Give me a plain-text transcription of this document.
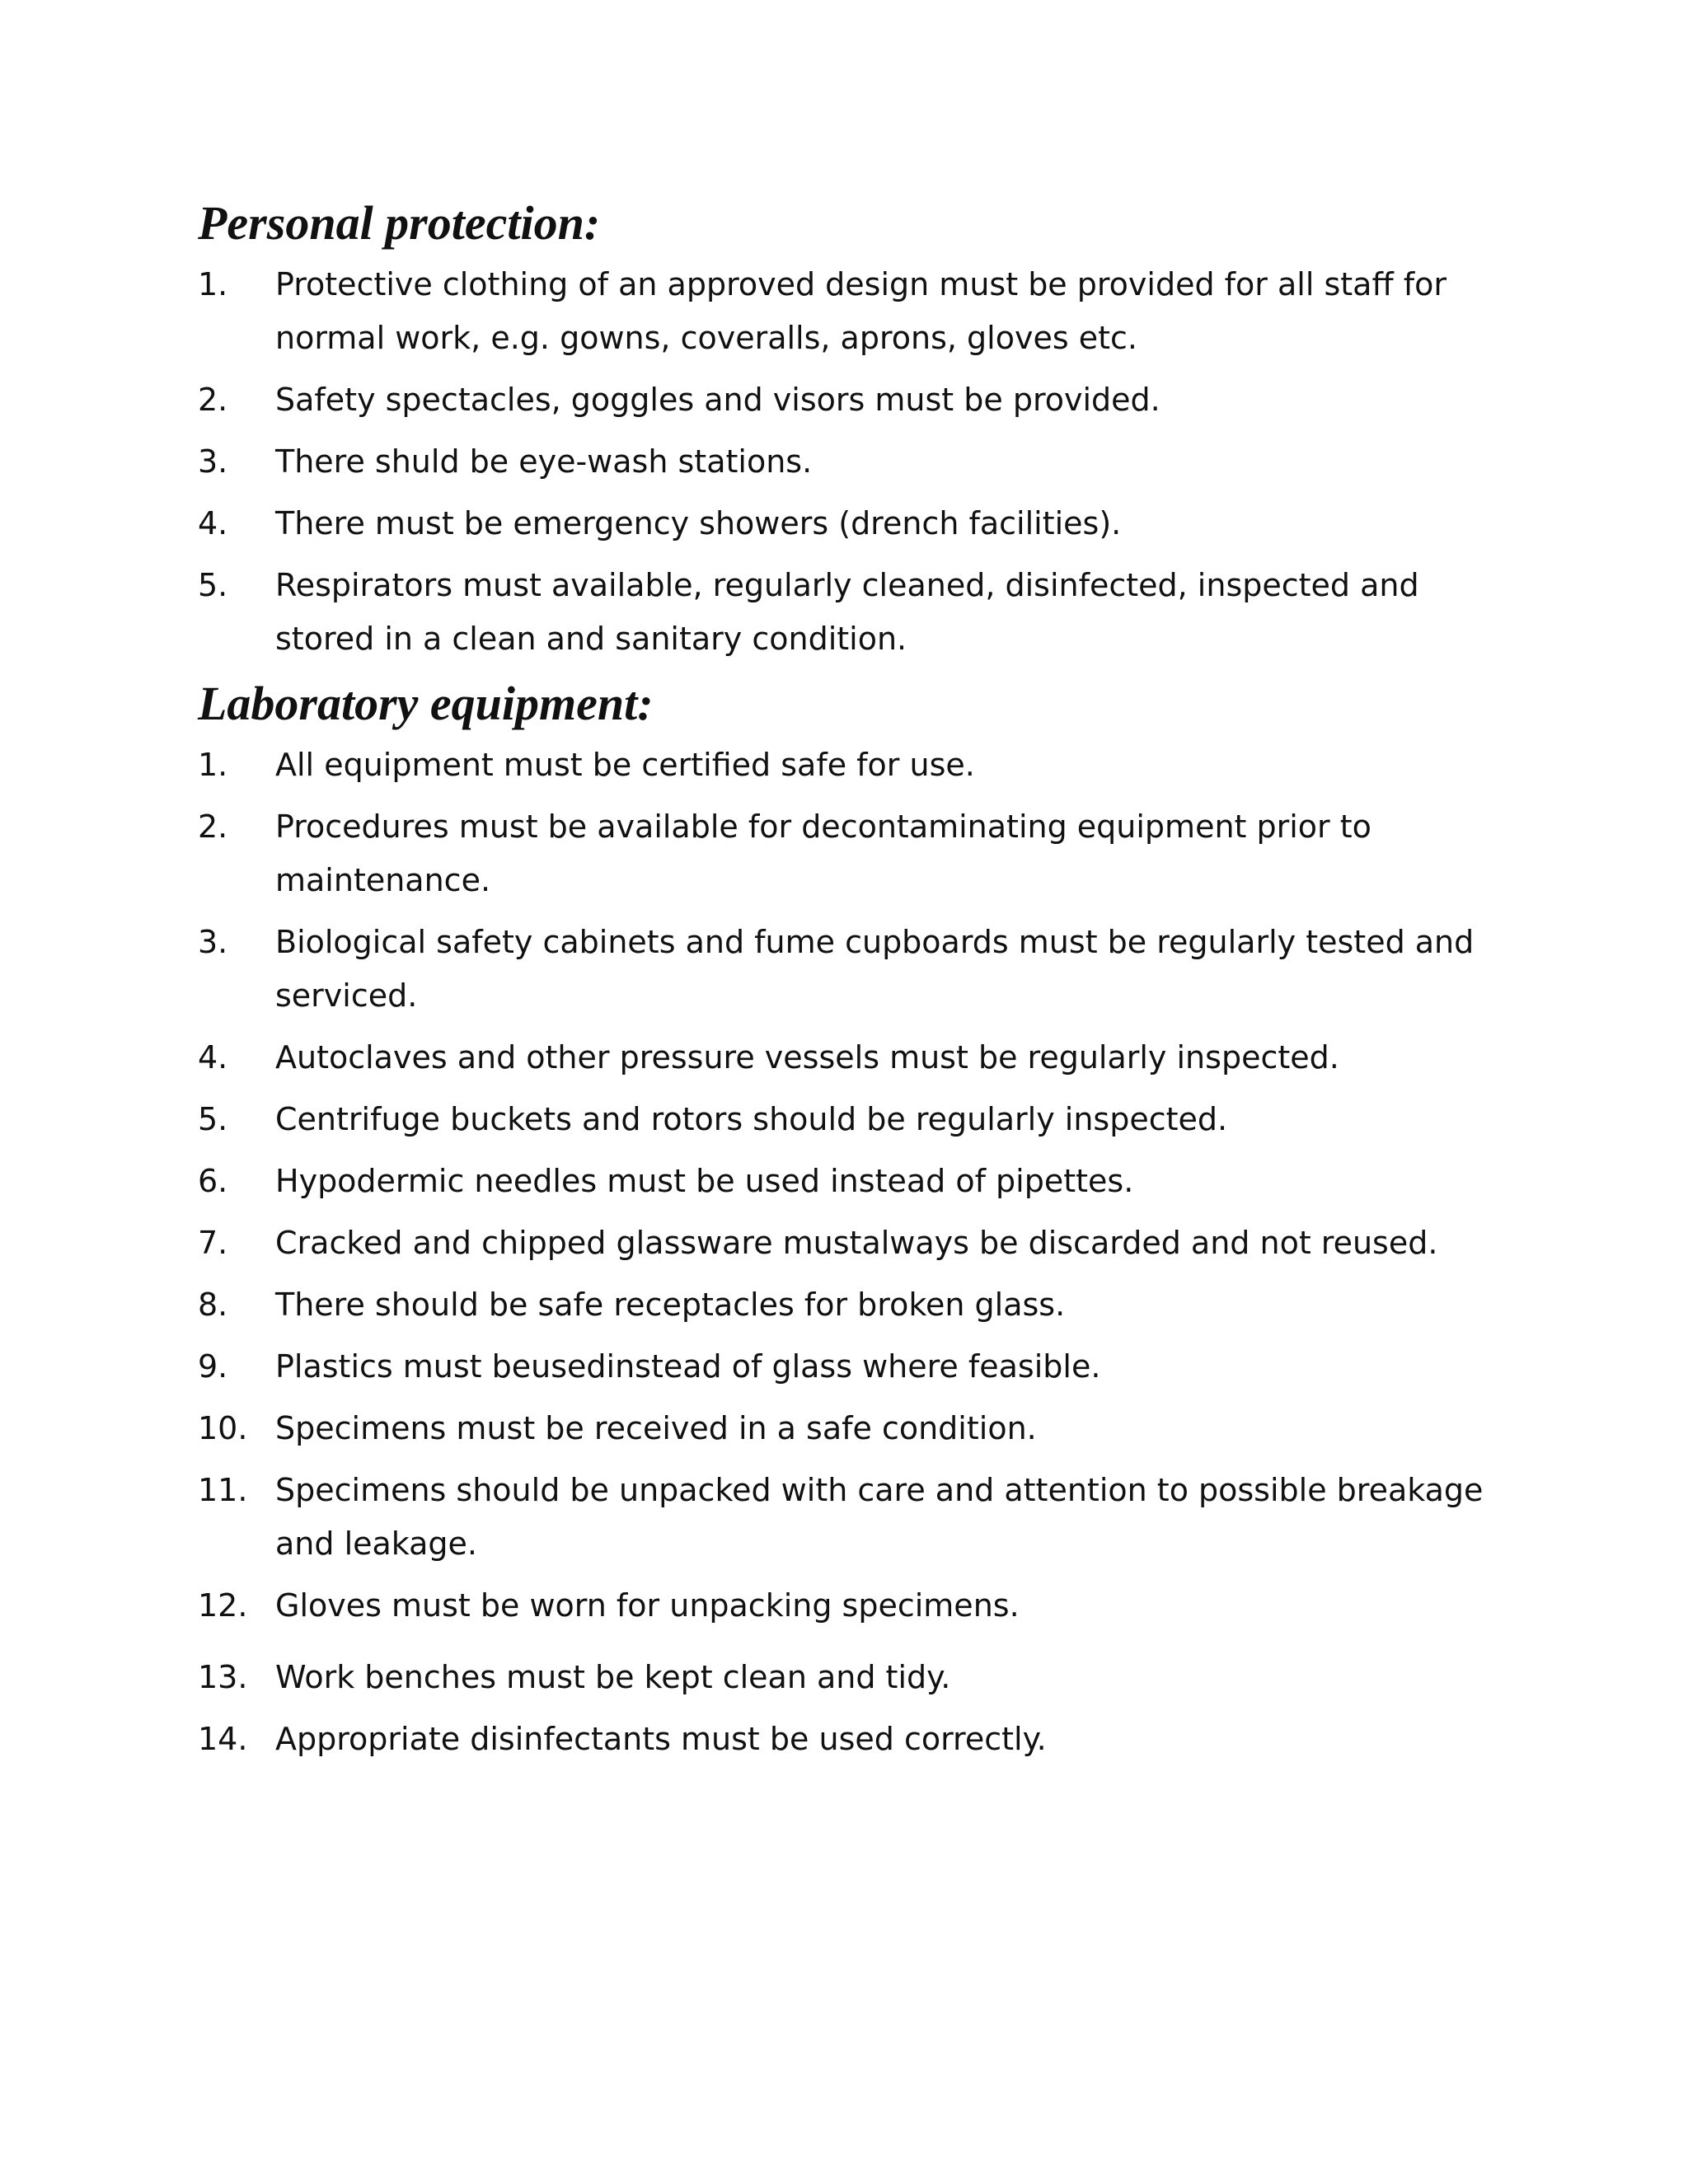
Personal protection:
1.	Protective clothing of an approved design must be provided for all staff for normal work, e.g. gowns, coveralls, aprons, gloves etc.
2.	Safety spectacles, goggles and visors must be provided.
3.	There shuld be eye-wash stations.
4.	There must be emergency showers (drench facilities).
5.	Respirators must available, regularly cleaned, disinfected, inspected and stored in a clean and sanitary condition.
Laboratory equipment:
1.	All equipment must be certified safe for use.
2.	Procedures must be available for decontaminating equipment prior to maintenance.
3.	Biological safety cabinets and fume cupboards must be regularly tested and serviced.
4.	Autoclaves and other pressure vessels must be regularly inspected.
5.	Centrifuge buckets and rotors should be regularly inspected.
6.	Hypodermic needles must be used instead of pipettes.
7.	Cracked and chipped glassware mustalways be discarded and not reused.
8.	There should be safe receptacles for broken glass.
9.	Plastics must beusedinstead of glass where feasible.
10. Specimens must be received in a safe condition.
11. Specimens should be unpacked with care and attention to possible breakage and leakage.
12. Gloves must be worn for unpacking specimens.
13. Work benches must be kept clean and tidy.
14. Appropriate disinfectants must be used correctly.
